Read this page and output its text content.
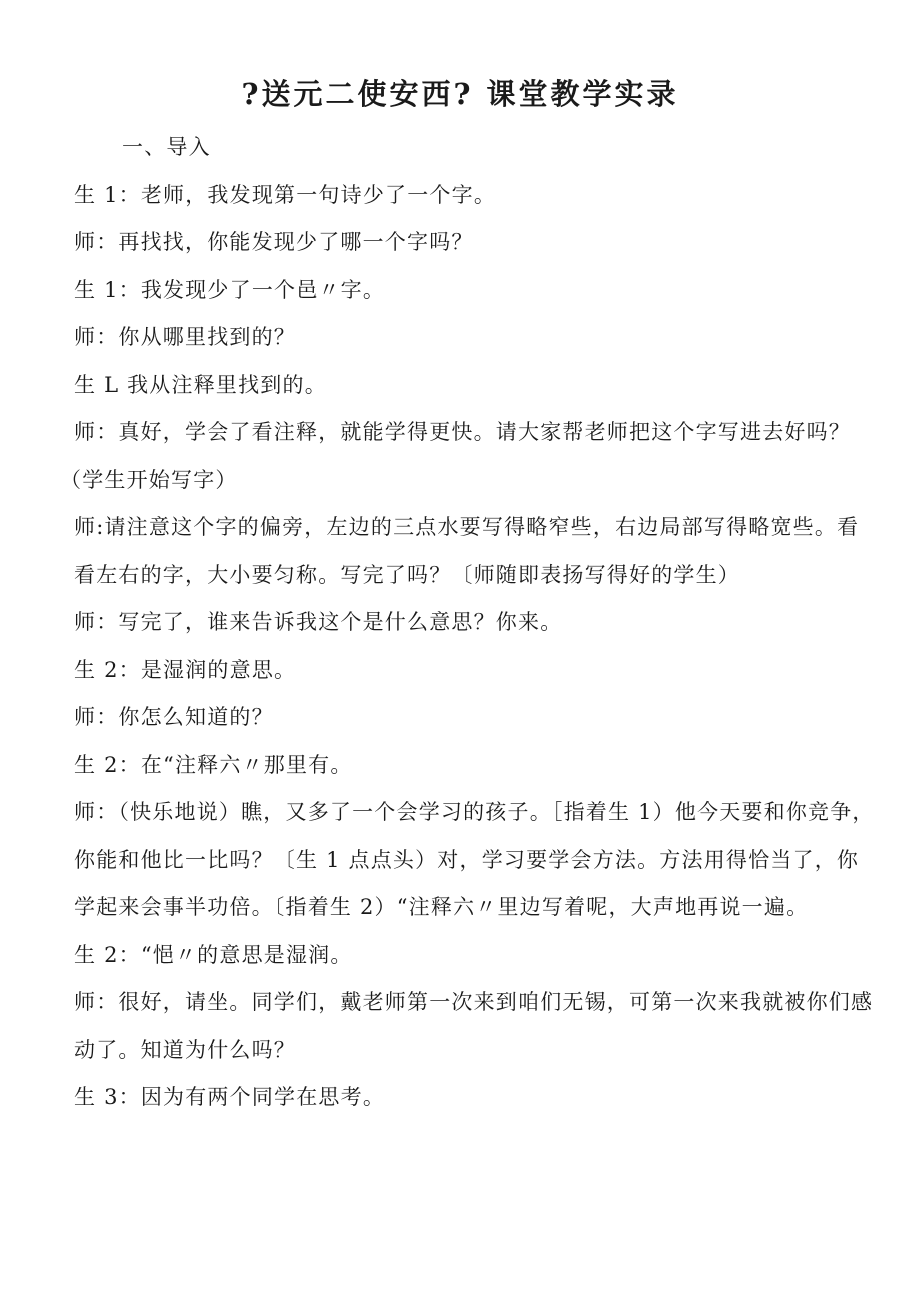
?送元二使安西? 课堂教学实录

一、导入

生 1：老师，我发现第一句诗少了一个字。

师：再找找，你能发现少了哪一个字吗？

生 1：我发现少了一个邑〃字。

师：你从哪里找到的？

生 L 我从注释里找到的。

师：真好，学会了看注释，就能学得更快。请大家帮老师把这个字写进去好吗？

（学生开始写字）

师:请注意这个字的偏旁，左边的三点水要写得略窄些，右边局部写得略宽些。看看左右的字，大小要匀称。写完了吗？〔师随即表扬写得好的学生）

师：写完了，谁来告诉我这个是什么意思？你来。

生 2：是湿润的意思。

师：你怎么知道的？

生 2：在“注释六〃那里有。

师：（快乐地说）瞧，又多了一个会学习的孩子。［指着生 1）他今天要和你竞争，你能和他比一比吗？〔生 1 点点头）对，学习要学会方法。方法用得恰当了，你学起来会事半功倍。〔指着生 2）“注释六〃里边写着呢，大声地再说一遍。

生 2：“悒〃的意思是湿润。

师：很好，请坐。同学们，戴老师第一次来到咱们无锡，可第一次来我就被你们感动了。知道为什么吗？

生 3：因为有两个同学在思考。
